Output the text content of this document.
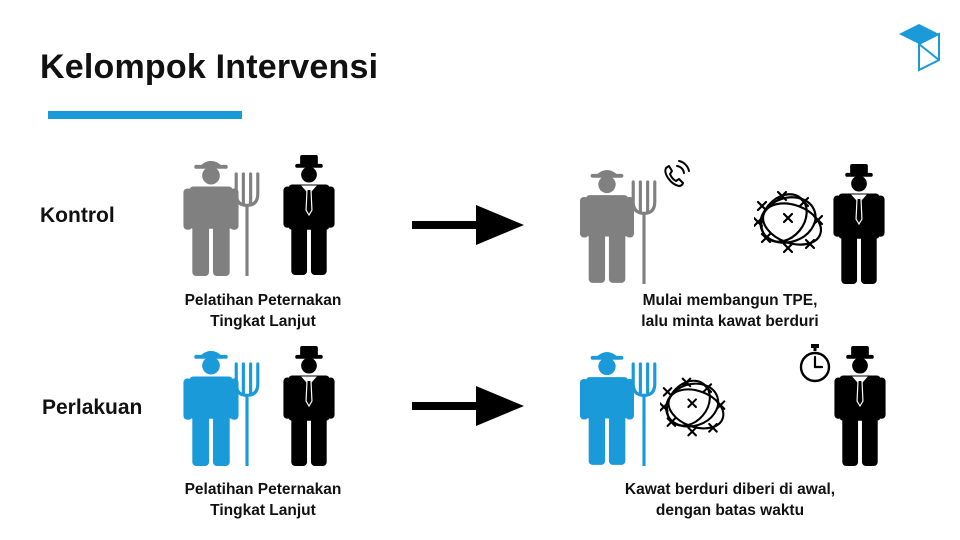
Kelompok Intervensi
Kontrol
Pelatihan Peternakan
Tingkat Lanjut
Mulai membangun TPE,
lalu minta kawat berduri
Perlakuan
Pelatihan Peternakan
Tingkat Lanjut
Kawat berduri diberi di awal,
dengan batas waktu
